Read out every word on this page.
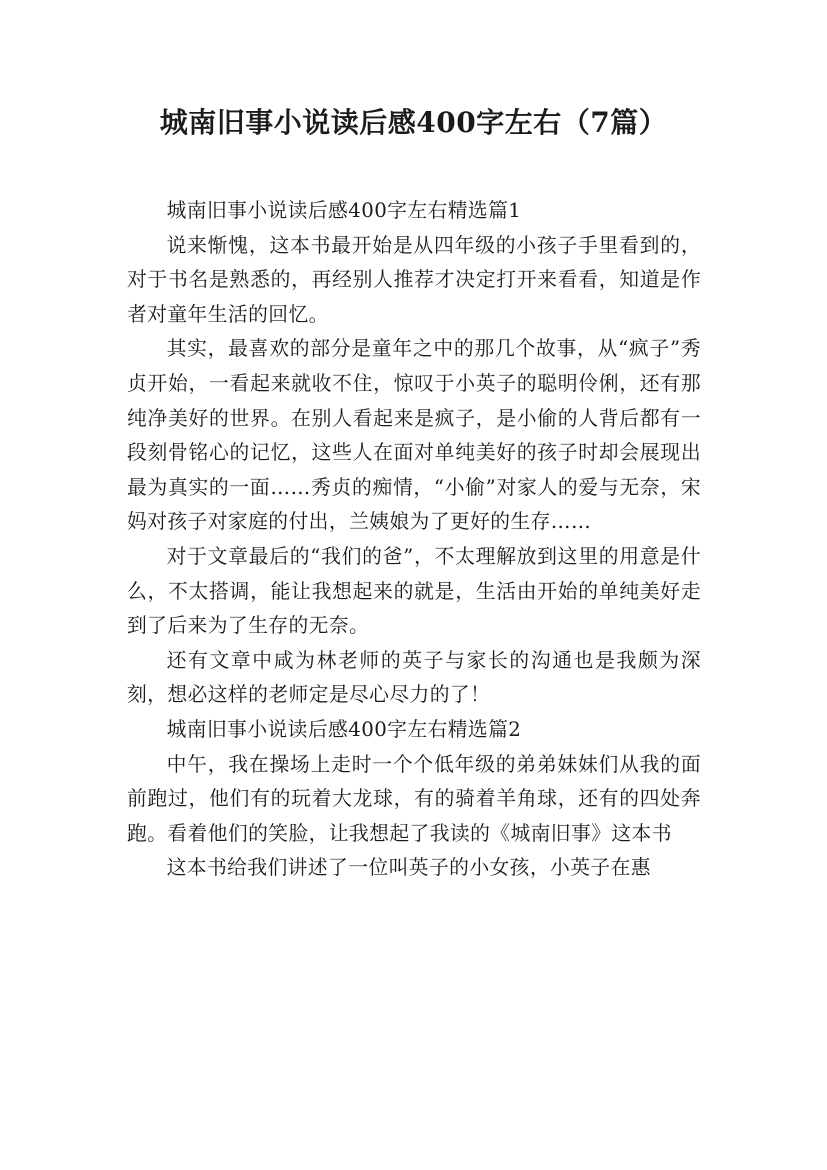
城南旧事小说读后感400字左右（7篇）

城南旧事小说读后感400字左右精选篇1

说来惭愧，这本书最开始是从四年级的小孩子手里看到的，对于书名是熟悉的，再经别人推荐才决定打开来看看，知道是作者对童年生活的回忆。

其实，最喜欢的部分是童年之中的那几个故事，从“疯子”秀贞开始，一看起来就收不住，惊叹于小英子的聪明伶俐，还有那纯净美好的世界。在别人看起来是疯子，是小偷的人背后都有一段刻骨铭心的记忆，这些人在面对单纯美好的孩子时却会展现出最为真实的一面……秀贞的痴情，“小偷”对家人的爱与无奈，宋妈对孩子对家庭的付出，兰姨娘为了更好的生存……

对于文章最后的“我们的爸”，不太理解放到这里的用意是什么，不太搭调，能让我想起来的就是，生活由开始的单纯美好走到了后来为了生存的无奈。

还有文章中咸为林老师的英子与家长的沟通也是我颇为深刻，想必这样的老师定是尽心尽力的了！

城南旧事小说读后感400字左右精选篇2

中午，我在操场上走时一个个低年级的弟弟妹妹们从我的面前跑过，他们有的玩着大龙球，有的骑着羊角球，还有的四处奔跑。看着他们的笑脸，让我想起了我读的《城南旧事》这本书

这本书给我们讲述了一位叫英子的小女孩，小英子在惠
